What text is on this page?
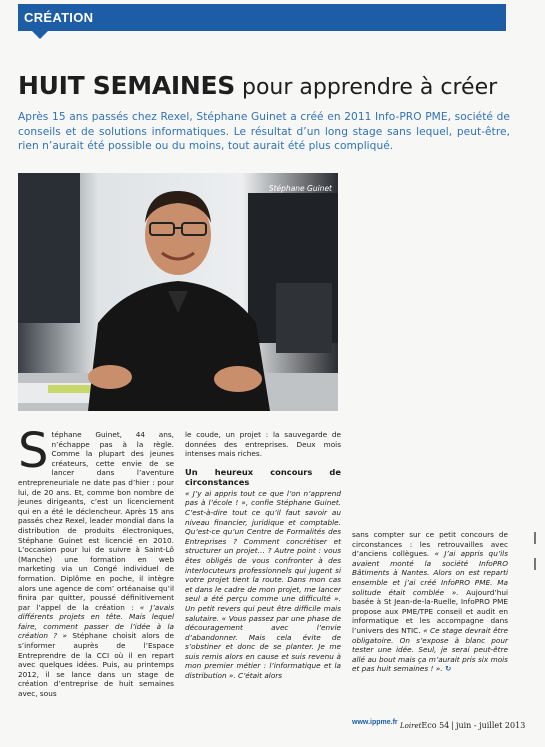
CRÉATION
HUIT SEMAINES pour apprendre à créer

Après 15 ans passés chez Rexel, Stéphane Guinet a créé en 2011 Info-PRO PME, société de conseils et de solutions informatiques. Le résultat d’un long stage sans lequel, peut-être, rien n’aurait été possible ou du moins, tout aurait été plus compliqué.

Stéphane Guinet
Stéphane Guinet, 44 ans, n’échappe pas à la règle. Comme la plupart des jeunes créateurs, cette envie de se lancer dans l’aventure entrepreneuriale ne date pas d’hier : pour lui, de 20 ans. Et, comme bon nombre de jeunes dirigeants, c’est un licenciement qui en a été le déclencheur. Après 15 ans passés chez Rexel, leader mondial dans la distribution de produits électroniques, Stéphane Guinet est licencié en 2010. L’occasion pour lui de suivre à Saint-Lô (Manche) une formation en web marketing via un Congé individuel de formation. Diplôme en poche, il intègre alors une agence de com’ ortéanaise qu’il finira par quitter, poussé définitivement par l’appel de la création : « J’avais différents projets en tête. Mais lequel faire, comment passer de l’idée à la création ? » Stéphane choisit alors de s’informer auprès de l’Espace Entreprendre de la CCI où il en repart avec quelques idées. Puis, au printemps 2012, il se lance dans un stage de création d’entreprise de huit semaines avec, sous

le coude, un projet : la sauvegarde de données des entreprises. Deux mois intenses mais riches.

Un heureux concours de circonstances

« J’y ai appris tout ce que l’on n’apprend pas à l’école ! », confie Stéphane Guinet. C’est-à-dire tout ce qu’il faut savoir au niveau financier, juridique et comptable. Qu’est-ce qu’un Centre de Formalités des Entreprises ? Comment concrétiser et structurer un projet… ? Autre point : vous êtes obligés de vous confronter à des interlocuteurs professionnels qui jugent si votre projet tient la route. Dans mon cas et dans le cadre de mon projet, me lancer seul a été perçu comme une difficulté ». Un petit revers qui peut être difficile mais salutaire. « Vous passez par une phase de découragement avec l’envie d’abandonner. Mais cela évite de s’obstiner et donc de se planter. Je me suis remis alors en cause et suis revenu à mon premier métier : l’informatique et la distribution ». C’était alors

sans compter sur ce petit concours de circonstances : les retrouvailles avec d’anciens collègues. « J’ai appris qu’ils avaient monté la société InfoPRO Bâtiments à Nantes. Alors on est reparti ensemble et j’ai créé InfoPRO PME. Ma solitude était comblée ». Aujourd’hui basée à St Jean-de-la-Ruelle, InfoPRO PME propose aux PME/TPE conseil et audit en informatique et les accompagne dans l’univers des NTIC. « Ce stage devrait être obligatoire. On s’expose à blanc pour tester une idée. Seul, je serai peut-être allé au bout mais ça m’aurait pris six mois et pas huit semaines ! ». ↻
www.ippme.fr LoiretEco 54 | juin - juillet 2013
